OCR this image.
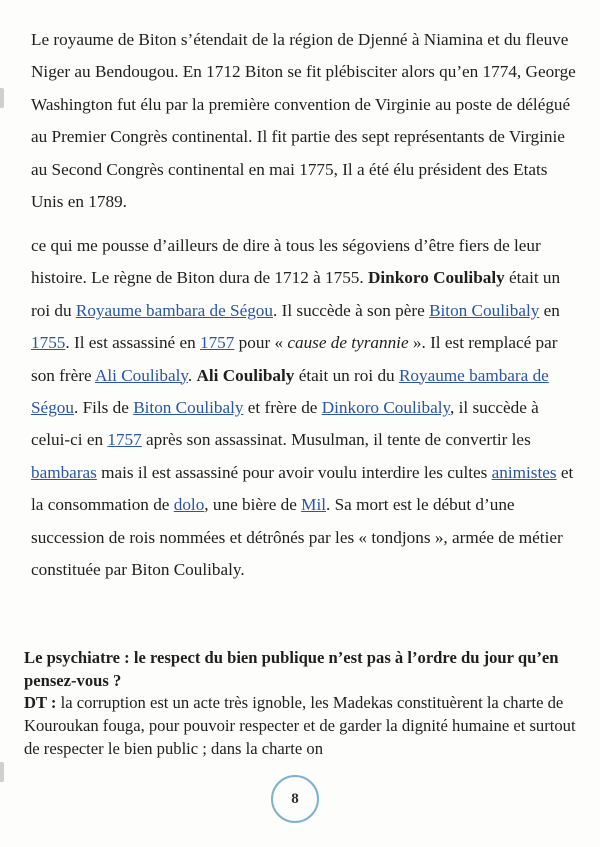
Le royaume de Biton s’étendait de la région de Djenné à Niamina et du fleuve Niger au Bendougou. En 1712 Biton se fit plébisciter alors qu’en 1774, George Washington fut élu par la première convention de Virginie au poste de délégué au Premier Congrès continental. Il fit partie des sept représentants de Virginie au Second Congrès continental en mai 1775, Il a été élu président des Etats Unis en 1789.

ce qui me pousse d’ailleurs de dire à tous les ségoviens d’être fiers de leur histoire. Le règne de Biton dura de 1712 à 1755. Dinkoro Coulibaly était un roi du Royaume bambara de Ségou. Il succède à son père Biton Coulibaly en 1755. Il est assassiné en 1757 pour « cause de tyrannie ». Il est remplacé par son frère Ali Coulibaly. Ali Coulibaly était un roi du Royaume bambara de Ségou. Fils de Biton Coulibaly et frère de Dinkoro Coulibaly, il succède à celui-ci en 1757 après son assassinat. Musulman, il tente de convertir les bambaras mais il est assassiné pour avoir voulu interdire les cultes animistes et la consommation de dolo, une bière de Mil. Sa mort est le début d’une succession de rois nommées et détrônés par les « tondjons », armée de métier constituée par Biton Coulibaly.

Le psychiatre : le respect du bien publique n’est pas à l’ordre du jour qu’en pensez-vous ?

DT : la corruption est un acte très ignoble, les Madekas constituèrent la charte de Kouroukan fouga, pour pouvoir respecter et de garder la dignité humaine et surtout de respecter le bien public ; dans la charte on

8
